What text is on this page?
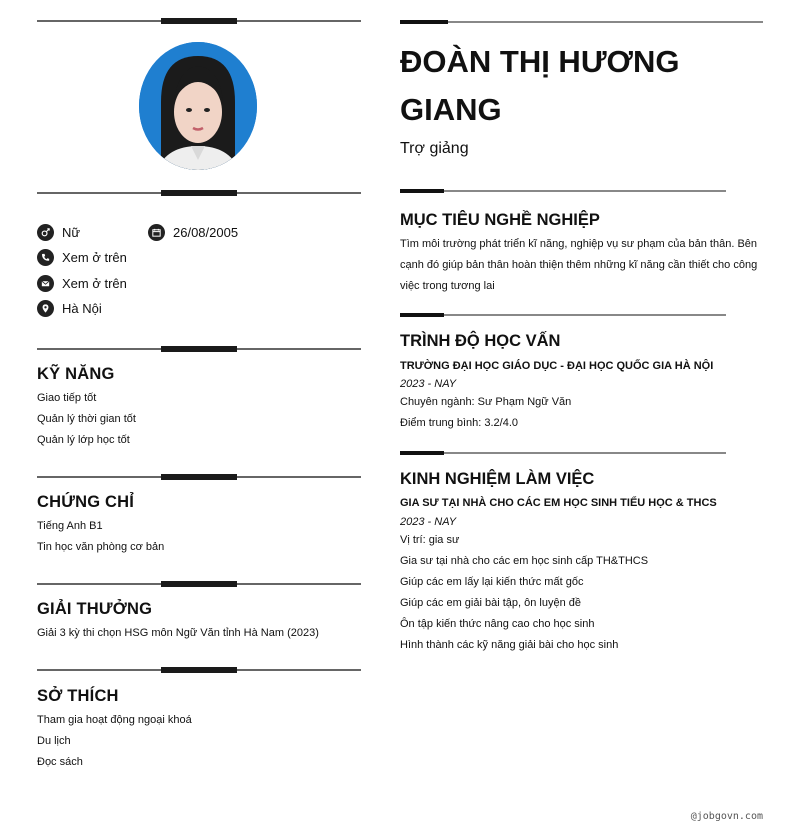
Nữ	26/08/2005
Xem ở trên
Xem ở trên
Hà Nội
KỸ NĂNG
Giao tiếp tốt
Quản lý thời gian tốt
Quản lý lớp học tốt
CHỨNG CHỈ
Tiếng Anh B1
Tin học văn phòng cơ bản
GIẢI THƯỞNG
Giải 3 kỳ thi chọn HSG môn Ngữ Văn tỉnh Hà Nam (2023)
SỞ THÍCH
Tham gia hoạt động ngoại khoá
Du lịch
Đọc sách
ĐOÀN THỊ HƯƠNG GIANG
Trợ giảng
MỤC TIÊU NGHỀ NGHIỆP
Tìm môi trường phát triển kĩ năng, nghiệp vụ sư phạm của bản thân. Bên cạnh đó giúp bản thân hoàn thiện thêm những kĩ năng cần thiết cho công việc trong tương lai
TRÌNH ĐỘ HỌC VẤN
TRƯỜNG ĐẠI HỌC GIÁO DỤC - ĐẠI HỌC QUỐC GIA HÀ NỘI
2023 - NAY
Chuyên ngành: Sư Phạm Ngữ Văn
Điểm trung bình: 3.2/4.0
KINH NGHIỆM LÀM VIỆC
GIA SƯ TẠI NHÀ CHO CÁC EM HỌC SINH TIỂU HỌC & THCS
2023 - NAY
Vị trí: gia sư
Gia sư tại nhà cho các em học sinh cấp TH&THCS
Giúp các em lấy lại kiến thức mất gốc
Giúp các em giải bài tập, ôn luyện đề
Ôn tập kiến thức nâng cao cho học sinh
Hình thành các kỹ năng giải bài cho học sinh
@jobgovn.com
